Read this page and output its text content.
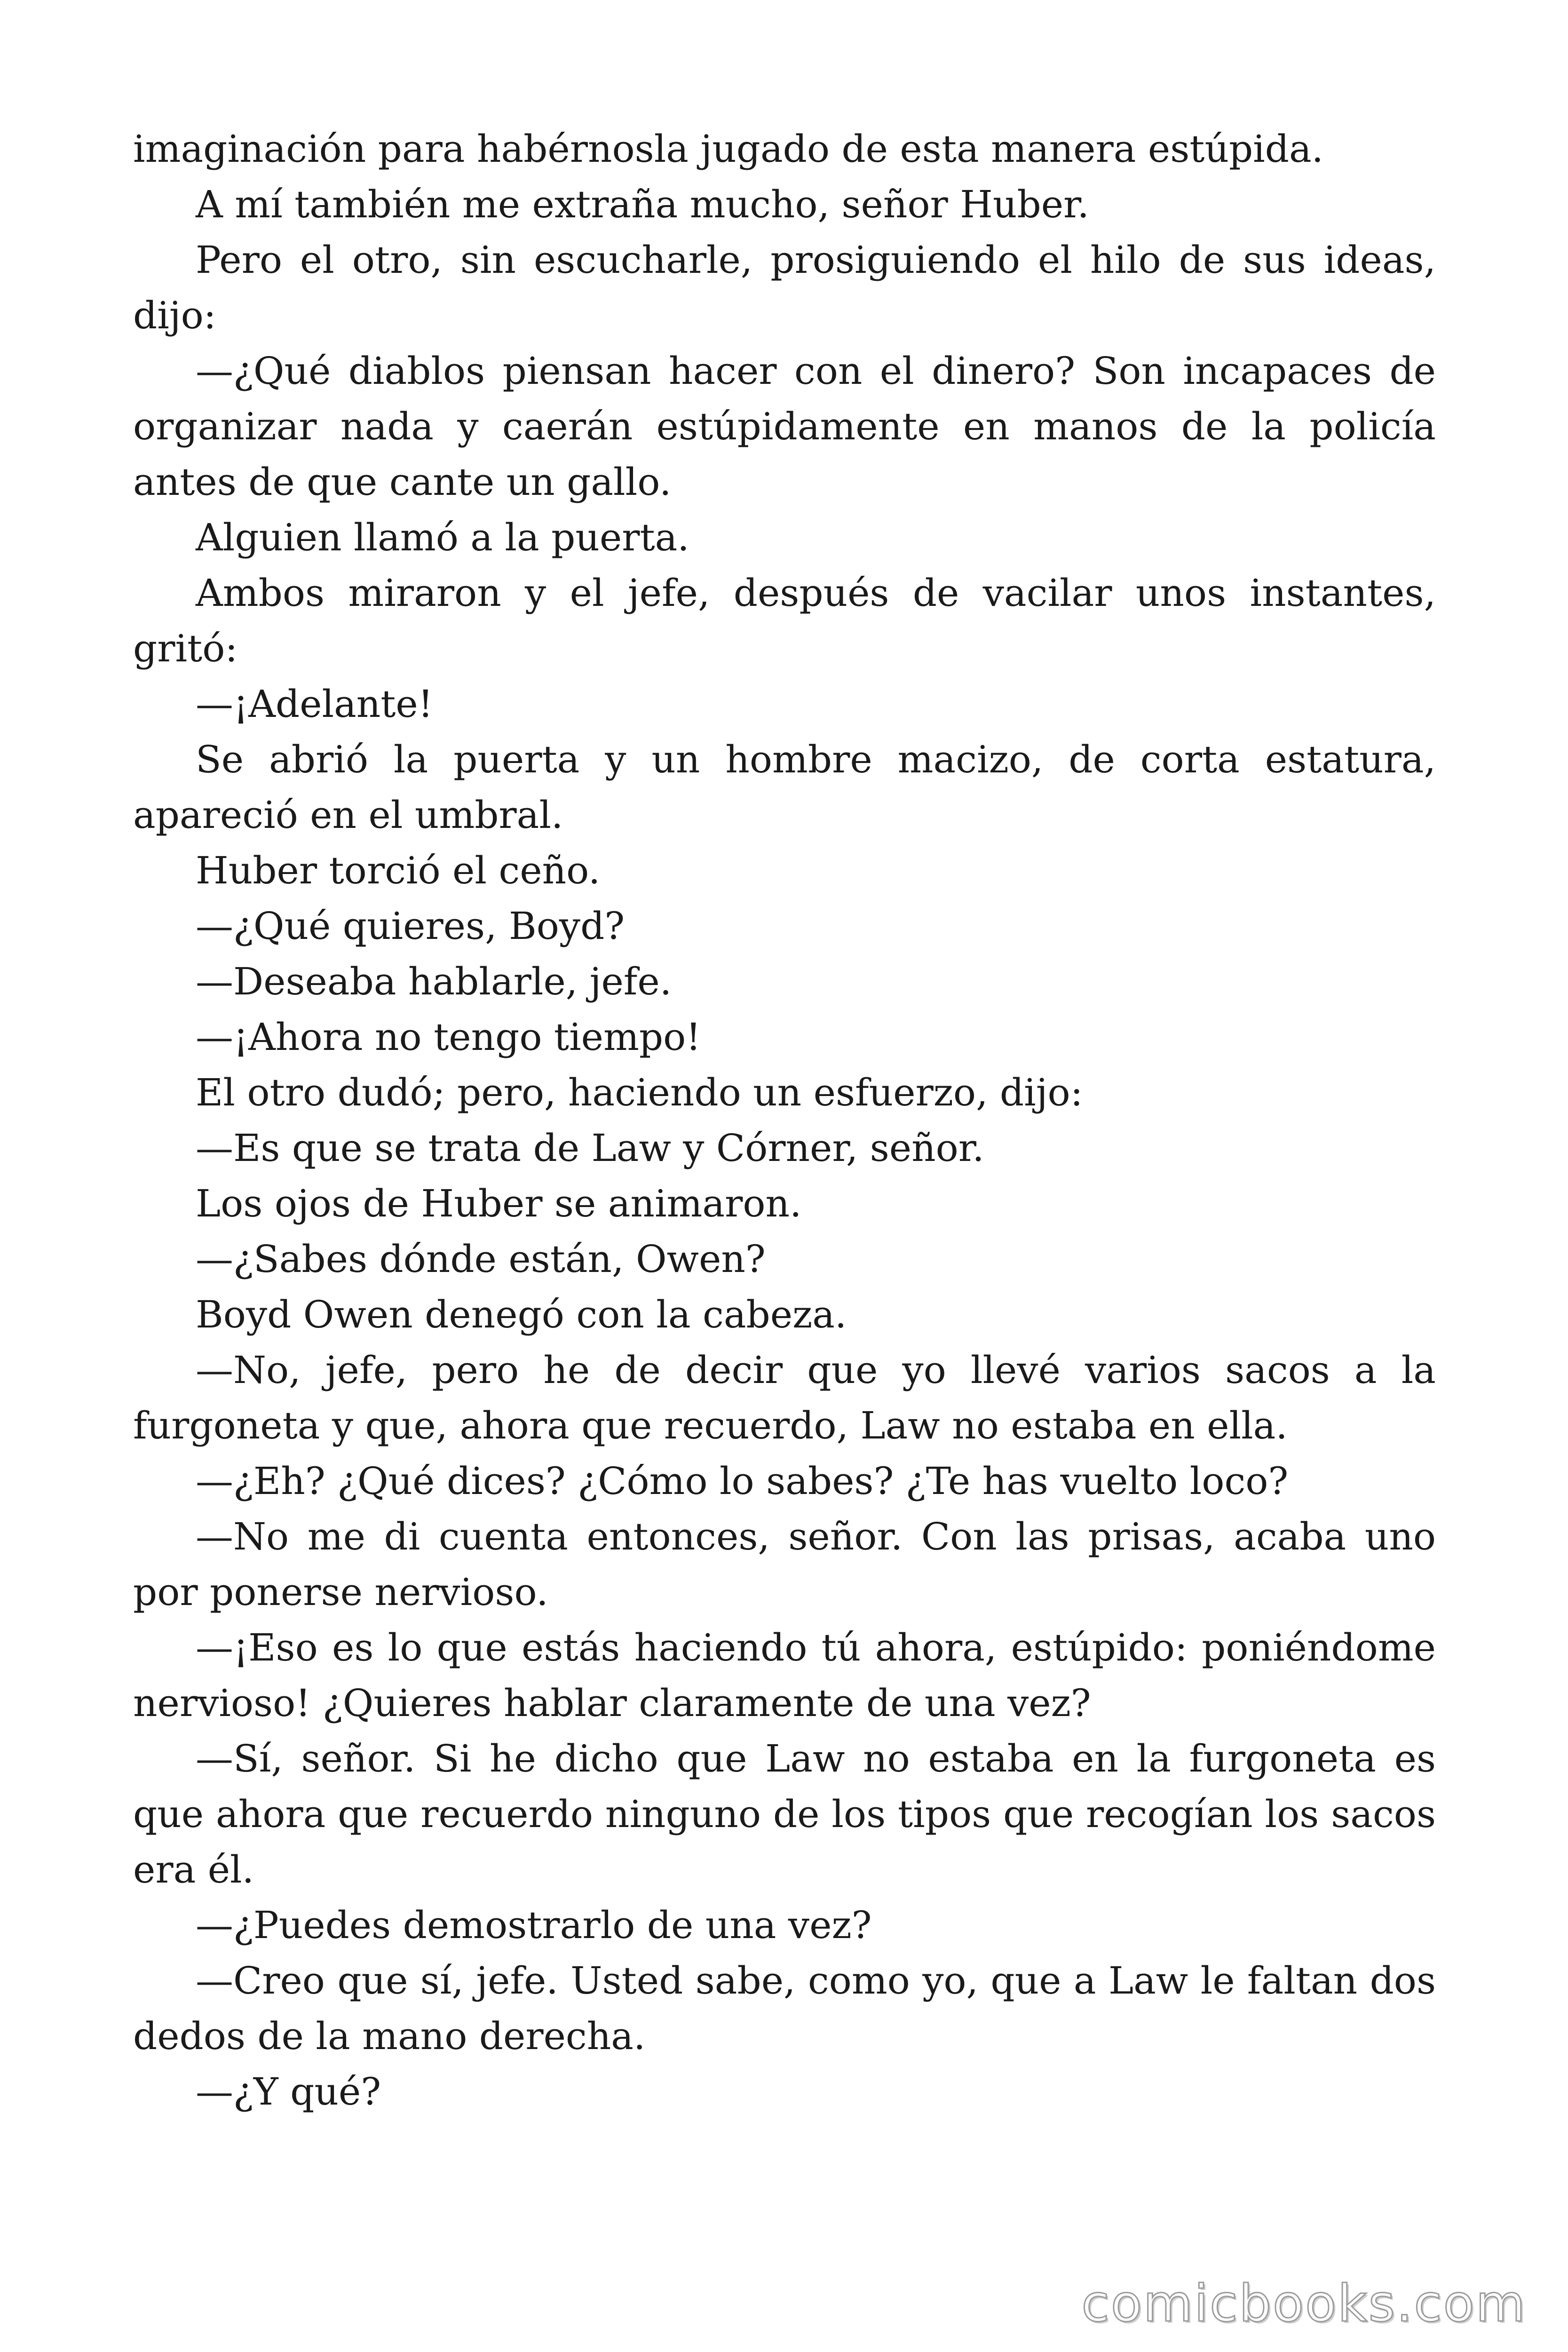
imaginación para habérnosla jugado de esta manera estúpida.

A mí también me extraña mucho, señor Huber.

Pero el otro, sin escucharle, prosiguiendo el hilo de sus ideas, dijo:

—¿Qué diablos piensan hacer con el dinero? Son incapaces de organizar nada y caerán estúpidamente en manos de la policía antes de que cante un gallo.

Alguien llamó a la puerta.

Ambos miraron y el jefe, después de vacilar unos instantes, gritó:

—¡Adelante!

Se abrió la puerta y un hombre macizo, de corta estatura, apareció en el umbral.

Huber torció el ceño.

—¿Qué quieres, Boyd?

—Deseaba hablarle, jefe.

—¡Ahora no tengo tiempo!

El otro dudó; pero, haciendo un esfuerzo, dijo:

—Es que se trata de Law y Córner, señor.

Los ojos de Huber se animaron.

—¿Sabes dónde están, Owen?

Boyd Owen denegó con la cabeza.

—No, jefe, pero he de decir que yo llevé varios sacos a la furgoneta y que, ahora que recuerdo, Law no estaba en ella.

—¿Eh? ¿Qué dices? ¿Cómo lo sabes? ¿Te has vuelto loco?

—No me di cuenta entonces, señor. Con las prisas, acaba uno por ponerse nervioso.

—¡Eso es lo que estás haciendo tú ahora, estúpido: poniéndome nervioso! ¿Quieres hablar claramente de una vez?

—Sí, señor. Si he dicho que Law no estaba en la furgoneta es que ahora que recuerdo ninguno de los tipos que recogían los sacos era él.

—¿Puedes demostrarlo de una vez?

—Creo que sí, jefe. Usted sabe, como yo, que a Law le faltan dos dedos de la mano derecha.

—¿Y qué?

comicbooks.com
